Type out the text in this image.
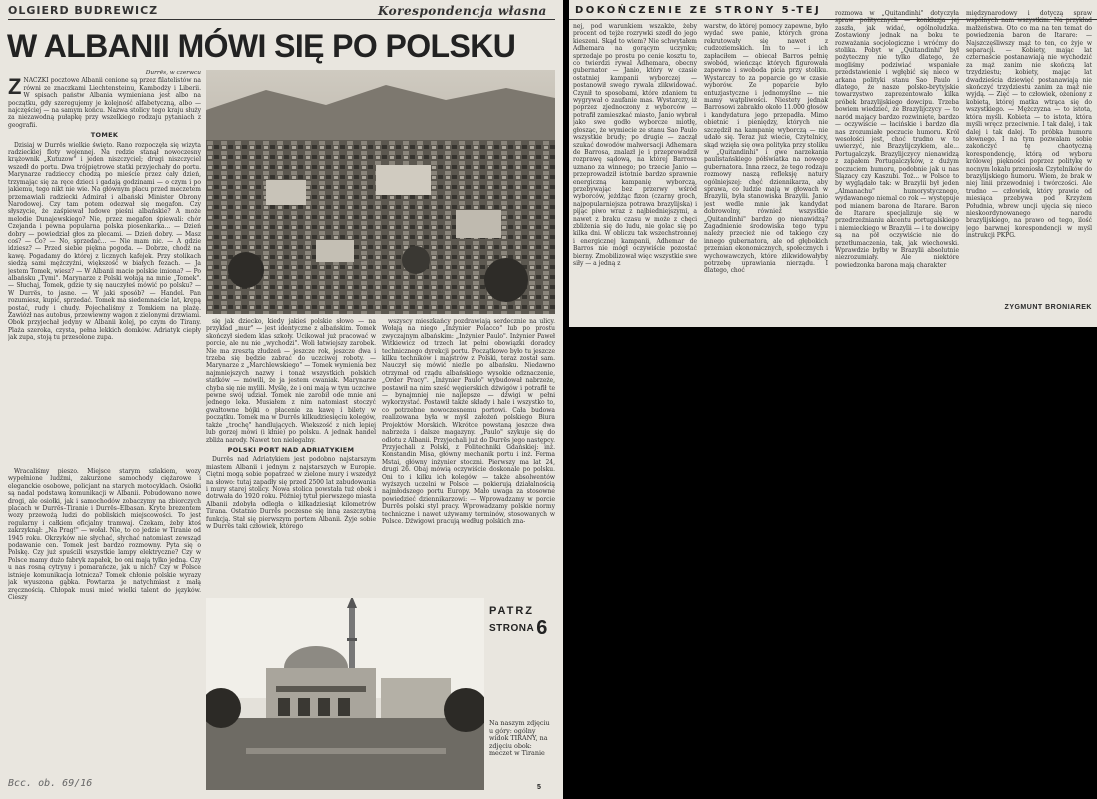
OLGIERD BUDREWICZ	Korespondencja własna
W ALBANII MÓWI SIĘ PO POLSKU
Durrës, w czerwcu

Z NACZKI pocztowe Albanii cenione są przez filatelistów na równi ze znaczkami Liechtensteinu, Kambodży i Liberii. W spisach państw Albania wymieniana jest albo na początku, gdy szeregujemy je kolejność alfabetyczną, albo — najczęściej — na samym końcu. Nazwa stolicy tego kraju służy za niezawodną pułapkę przy wszelkiego rodzaju pytaniach z geografii.

TOMEK

Dzisiaj w Durrës wielkie święto. Rano rozpoczęła się wizyta radzieckiej floty wojennej. Na redzie stanął nowoczesny krążownik „Kutuzow" i jeden niszczyciel; drugi niszczyciel wszedł do portu. Dwa trójpiętrowe statki przyjechały do portu. Marynarze radzieccy chodzą po mieście przez cały dzień, trzymając się za ręce dzieci i gadają godzinami — o czym i po jakiemu, tego nikt nie wie. Na głównym placu przed meczetem przemawiali radziecki Admirał i albański Minister Obrony Narodowej. Czy tam potem odezwał się megafon. Czy słyszycie, że zaśpiewał ludowe pieśni albańskie? A może melodie Dunajewskiego? Nie, przez megafon śpiewali: chór Czejanda i pewna popularna polska piosenkarka... — Dzień dobry — powiedział głos za plecami. — Dzień dobry. — Masz coś? — Co? — No, sprzedać... — Nie mam nic. — A gdzie idziesz? — Przed siebie piękna pogoda. — Dobrze, chodź na kawę. Pogadamy do której z licznych kafejek. Przy stolikach siedzą sami mężczyźni, większość w białych fezach. — Ja jestem Tomek, wiesz? — W Albanii macie polskie imiona? — Po albańsku „Tymi". Marynarze z Polski wołają na mnie „Tomek". — Słuchaj, Tomek, gdzie ty się nauczyłeś mówić po polsku? — W Durrës, to jasne. — W jaki sposób? — Handel. Pan rozumiesz, kupić, sprzedać. Tomek ma siedemnaście lat, krępą postać, rudy i chudy. Pojechaliśmy z Tomkiem na plażę. Zawiózł nas autobus, przewiewny wagon z zielonymi drzwiami. Obok przyjechał jedyny w Albanii kolej, po czym do Tirany. Plaża szeroka, czysta, pełna lekkich domków. Adriatyk ciepły jak zupa, stoją tu przesolone zupa.

Wracaliśmy pieszo. Miejsce starym szlakiem, wozy wypełnione ludźmi, zakurzone samochody ciężarowe i eleganckie osobowe, policjant na starych motocyklach. Osiołki są nadal podstawą komunikacji w Albanii. Pobudowano nowe drogi, ale osiołki, jak i samochodów zobaczymy na zbiorczych placach w Durrës–Tiranie i Durrës–Elbasan. Kryte brezentem wozy przewożą ludzi do pobliskich miejscowości. To jest regularny i całkiem oficjalny tramwaj. Czekam, żeby ktoś zakrzyknął: „Na Prag!" — wołał. Nie, to co jedzie w Tiranie od 1945 roku. Okrzyków nie słychać, słychać natomiast zewsząd podawanie cen. Tomek jest bardzo rozmowny. Pyta się o Polskę. Czy już spuścili wszystkie lampy elektryczne? Czy w Polsce mamy dużo fabryk zapałek, bo oni mają tylko jedną. Czy u nas rosną cytryny i pomarańcze, jak u nich? Czy w Polsce istnieje komunikacja lotnicza? Tomek chłonie polskie wyrazy jak wyuszona gąbka. Powtarza je natychmiast z małą zręcznością. Chłopak musi mieć wielki talent do języków. Cieszy

się jak dziecko, kiedy jakieś polskie słowo — na przykład „mur" — jest identyczne z albańskim. Tomek skończył siedem klas szkoły. Ucikował już pracować w porcie, ale nu nie „wychodzi". Woli łatwiejszy zarobek. Nie ma zresztą złudzeń — jeszcze rok, jeszcze dwa i trzeba się będzie zabrać do uczciwej roboty. — Marynarze z „Marchlewskiego" — Tomek wymienia bez najmniejszych nazwy i tonaż wszystkich polskich statków — mówili, że ja jestem cwaniak. Marynarze chyba się nie mylili. Myślę, że i oni mają w tym uczciwe pewne swój udział. Tomek nie zarobił ode mnie ani jednego leka. Musiałem z nim natomiast stoczyć gwałtowne bójki o płacenie za kawę i bilety w początku. Tomek ma w Durrës kilkudziesięciu kolegów, także „trochę" handlujących. Wiekszość z nich lepiej lub gorzej mówi (i kłnie) po polsku. A jednak handel zbliża narody. Nawet ten nielegalny.

POLSKI PORT NAD ADRIATYKIEM

Durrës nad Adriatykiem jest podobno najstarszym miastem Albanii i jednym z najstarszych w Europie. Ciętni mogą sobie popatrzeć w zielone mury i wszedyż na słowo: tutaj zapadły się przed 2500 lat zabudowania i mury starej stolicy. Nowa stolica powstała tuż obok i dotrwała do 1920 roku. Później tytuł pierwszego miasta Albanii zdobyła odległa o kilkadziesiąt kilometrów Tirana. Ostatnio Durrës poczesne się inną zaszczytną funkcją. Stał się pierwszym portem Albanii. Żyje sobie w Durrës taki człowiek, którego

wszyscy mieszkańcy pozdrawiają serdecznie na ulicy. Wołają na niego „Inżynier Polacco" lub po prostu zwyczajnym albańskim: „Inżynier Paulo". Inżynier Paweł Witkiewicz od trzech lat pełni obowiązki doradcy technicznego dyrekcji portu. Początkowo było tu jeszcze kilku techników i majstrów z Polski, teraz został sam. Nauczył się mówić nieźle po albańsku. Niedawno otrzymał od rządu albańskiego wysokie odznaczenie, „Order Pracy". „Inżynier Paulo" wybudował nabrzeże, postawił na nim sześć węgierskich dźwigów i potrafił te — bynajmniej nie najlepsze — dźwigi w pełni wykorzystać. Postawił także składy i hale i wszystko to, co potrzebne nowoczesnemu portowi. Cała budowa realizowana była w myśl założeń polskiego Biura Projektów Morskich. Wkrótce powstaną jeszcze dwa nabrzeża i dalsze magazyny. „Paulo" szykuje się do odlotu z Albanii. Przyjechali już do Durrës jego następcy. Przyjechali z Polski, z Politechniki Gdańskiej: inż. Konstandin Misa, główny mechanik portu i inż. Ferma Mstai, główny inżynier stoczni. Pierwszy ma lat 24, drugi 26. Obaj mówią oczywiście doskonale po polsku. Oni to i kilku ich kolegów — także absolwentów wyższych uczelni w Polsce — pokierują działalnością najmłodszego portu Europy. Mało uwaga za stosowne powiedzieć dziennikarzowi: — Wprowadzamy w porcie Durrës polski styl pracy. Wprowadzamy polskie normy techniczne i nawet używamy terminów, stosowanych w Polsce. Dźwigowi pracują według polskich zna-

PATRZ
STRONA 6
Na naszym zdjęciu u góry: ogólny widok TIRANY, na zdjęciu obok: meczet w Tiranie
5
Bcc. ob. 69/16
DOKOŃCZENIE ZE STRONY 5-TEJ
nej, pod warunkiem wszakże, żeby procent od tejże rozrywki szedł do jego kieszeni. Skąd to wiem? Nie schwytałem Adhemara na gorącym uczynku; sprzedaje po prostu po cenie kosztu to, co twierdzi rywal Adhemara, obecny gubernator — Janio, który w czasie ostatniej kampanii wyborczej — postanowił swego rywala zlikwidować. Czynił to sposobami, które zdaniem tu wygrywał o zaufanie mas. Wystarczy, iż poprzez zjednoczony z wyborców — potrafił zamieszkać miasto, Janio wybrał jako swe godło wyborcze miotłę, głosząc, że wymiecie ze stanu Sao Paulo wszystkie brudy; po drugie — zaczął szukać dowodów malwersacji Adhemara de Barrosa, znalazł je i przeprowadził rozprawę sądową, na której Barrosa uznano za winnego; po trzecie Janio — przeprowadził istotnie bardzo sprawnie energiczną kampanię wyborczą, przebywając bez przerwy wśród wyborców, jeżdżąc fizon (czarny groch, najpopularniejsza potrawa brazylijska) i pijąc piwo wraz z najbiedniejszymi, a nawet z braku czasu w może z chęci zbliżenia się do ludu, nie golac się po kilka dni. W obliczu tak wszechstronnej i energicznej kampanii, Adhemar de Barros nie mógł oczywiście pozostać bierny. Zmobilizował więc wszystkie swe siły — a jedną z
warstw, do której pomocy zapewne, było wydać swe panie, których grona rekrutowały się nawet z cudzoziemskich. Im to — i ich zapłaciłem — obiecał Barros pełnię swobód, wieńcząc których figurowała zapewne i swoboda picia przy stoliku. Wystarczy to za poparcie go w czasie wyborów. Ze poparcie było entuzjastyczne i jednomyślne — nie mamy wątpliwości. Niestety jednak Barrosowi zabrakło około 11.000 głosów i kandydatura jego przepadła. Mimo obietnic i pieniędzy, których nie szczędził na kampanię wyborczą — nie udało się. Teraz już wiecie, Czytelnicy, skąd wzięła się owa polityka przy stoliku w „Quitandinhi" i gwe narzekania paulistańskiego półświatka na nowego gubernatora. Inna rzecz, że tego rodzaju rozmowy naszą refleksję natury ogólniejszej: chęć dziennikarza, aby sprawa, co ludzie mają w głowach w Brazylii, była stanowiska Brazylii. Janio jest wedle mnie jak kandydat dobrowolny, również wszystkie „Quitandinhi" bardzo go nienawidzą? Zagadnienie środowiska tego typu należy przecież nie od takiego czy innego gubernatora, ale od głębokich przemian ekonomicznych, społecznych i wychowawczych, które zlikwidowałyby potrzebę uprawiania nierządu. I dlatego, choć
rozmowa w „Quitandinhi" dotyczyła spraw politycznych — konkluzja jej zaszła, jak widać, ogólnoludzka. Zostawiony jednak na boku te rozważania socjologiczne i wróćmy do stolika. Pobyt w „Quitandinhi" był pożyteczny nie tylko dlatego, że mogliśmy podziwiać wspaniałe przedstawienie i wgłębić się nieco w arkana polityki stanu Sao Paulo i dlatego, że nasze polsko-brytyjskie towarzystwo zaprezentowało kilka próbek brazylijskiego dowcipu. Trzeba bowiem wiedzieć, że Brazylijczycy — to naród mający bardzo rozwinięte, bardzo — oczywiście — łacińskie i bardzo dla nas zrozumiałe poczucie humoru. Król wesołości jest, choć trudno w to uwierzyć, nie Brazylijczykiem, ale... Portugalczyk. Brazylijczycy nienawidzą z zapałem Portugalczyków, z dużym poczuciem humoru, podobnie jak u nas Ślązacy czy Kaszubi. Toż... w Polsce to by wyglądało tak: w Brazylii był jeden „Almanachu" humorystycznego, wydawanego niemal co rok — występuje pod mianem barona de Itarare. Baron de Itarare specjalizuje się w przedrzeźnianiu akcentu portugalskiego i niemieckiego w Brazylii — i te dowcipy są na pół oczywiście nie do przetłumaczenia, tak, jak wiechowski. Wprawdzie byłby w Brazylii absolutnie niezrozumiały. Ale niektóre powiedzonka barona mają charakter
międzynarodowy i dotyczą spraw wspólnych nam wszystkim. Na przykład małżeństwa. Oto co ma na ten temat do powiedzenia baron de Itarare: — Najszczęśliwszy mąż to ten, co żyje w separacji. — Kobiety, mając lat czternaście postanawiają nie wychodzić za mąż zanim nie skończą lat trzydziestu; kobiety, mając lat dwadzieścia dziewięć postanawiają nie skończyć trzydziestu zanim za mąż nie wyjdą. — Zięć — to człowiek, ożeniony z kobietą, której matka wtrąca się do wszystkiego. — Mężczyzna — to istota, która myśli. Kobieta — to istota, która myśli wręcz przeciwnie. I tak dalej, i tak dalej i tak dalej. To próbka humoru słownego. I na tym pozwalam sobie zakończyć tę chaotyczną korespondencję, którą od wyboru królowej piękności poprzez politykę w nocnym lokalu przeniosła Czytelników do brazylijskiego humoru. Wiem, że brak w niej linii przewodniej i twórczości. Ale trudno — człowiek, który prawie od miesiąca przebywa pod Krzyżem Południa, wbrew uncji ujęcia się nieco nieskoordynowanego narodu brazylijskiego, na prawo od tego, ilość jego barwnej korespondencji w myśl instrukcji PKPG.
ZYGMUNT BRONIAREK
